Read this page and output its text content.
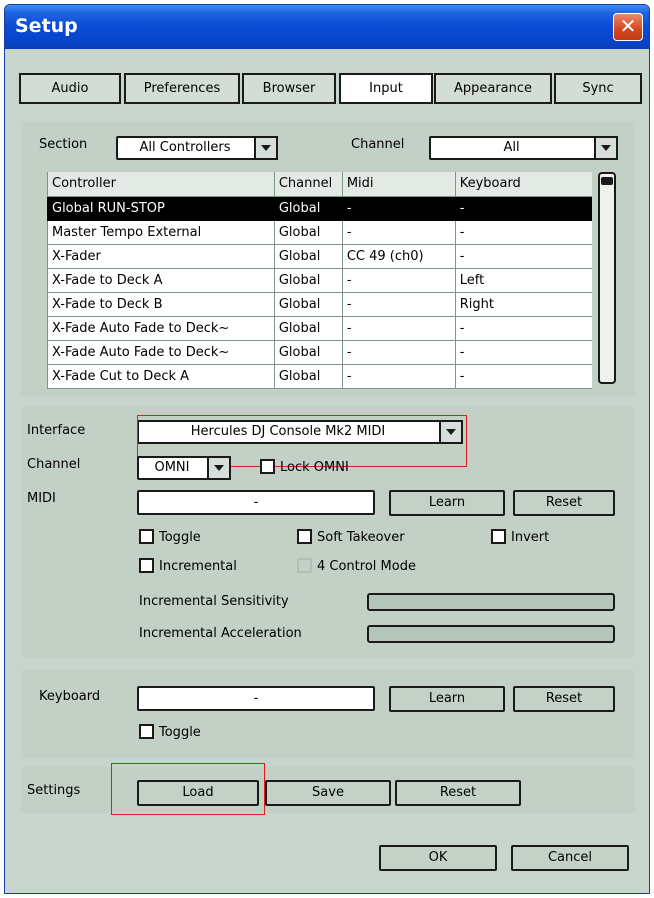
Setup	✕
Audio	Preferences	Browser	Input	Appearance	Sync
Section	All Controllers	Channel	All
Controller	Channel	Midi	Keyboard
Global RUN-STOP	Global	-	-
Master Tempo External	Global	-	-
X-Fader	Global	CC 49 (ch0)	-
X-Fade to Deck A	Global	-	Left
X-Fade to Deck B	Global	-	Right
X-Fade Auto Fade to Deck~	Global	-	-
X-Fade Auto Fade to Deck~	Global	-	-
X-Fade Cut to Deck A	Global	-	-
Interface	Hercules DJ Console Mk2 MIDI
Channel	OMNI	Lock OMNI
MIDI	-	Learn	Reset
Toggle	Soft Takeover	Invert
Incremental	4 Control Mode
Incremental Sensitivity
Incremental Acceleration
Keyboard	-	Learn	Reset
Toggle
Settings	Load	Save	Reset
OK	Cancel
